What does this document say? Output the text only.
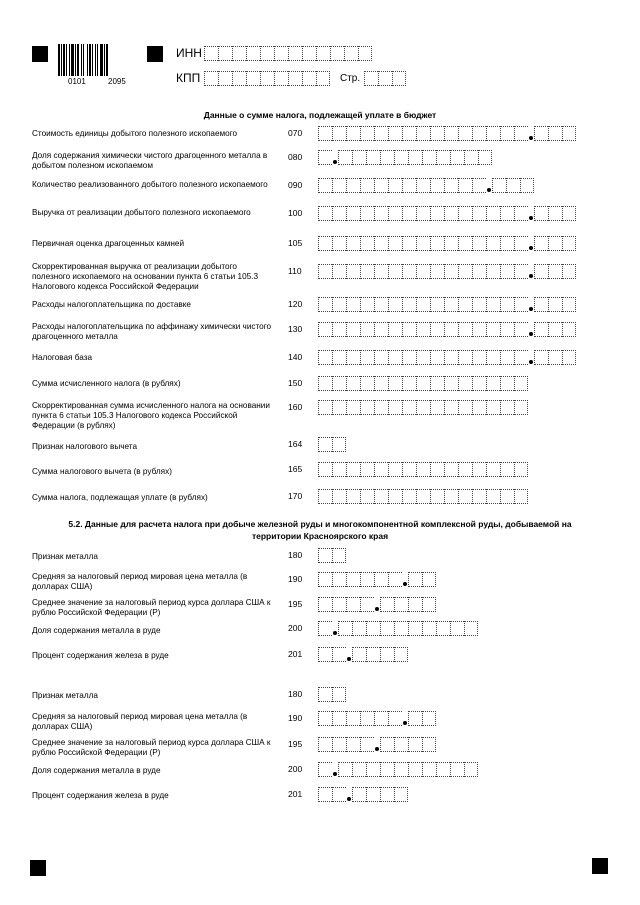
0101	2095
ИНН
КПП	Стр.
Данные о сумме налога, подлежащей уплате в бюджет
Стоимость единицы добытого полезного ископаемого	070
Доля содержания химически чистого драгоценного металла в добытом полезном ископаемом
080
Количество реализованного добытого полезного ископаемого	090
Выручка от реализации добытого полезного ископаемого	100
Первичная оценка драгоценных камней	105
Скорректированная выручка от реализации добытого полезного ископаемого на основании пункта 6 статьи 105.3 Налогового кодекса Российской Федерации
110
Расходы налогоплательщика по доставке	120
Расходы налогоплательщика по аффинажу химически чистого драгоценного металла
130
Налоговая база	140
Сумма исчисленного налога (в рублях)	150
Скорректированная сумма исчисленного налога на основании пункта 6 статьи 105.3 Налогового кодекса Российской Федерации (в рублях)
160
Признак налогового вычета	164
Сумма налогового вычета (в рублях)	165
Сумма налога, подлежащая уплате (в рублях)	170
5.2. Данные для расчета налога при добыче железной руды и многокомпонентной комплексной руды, добываемой на
территории Красноярского края
Признак металла	180
Средняя за налоговый период мировая цена металла (в долларах США)
190
Среднее значение за налоговый период курса доллара США к рублю Российской Федерации (Р)
195
Доля содержания металла в руде	200
Процент содержания железа в руде	201
Признак металла	180
Средняя за налоговый период мировая цена металла (в долларах США)
190
Среднее значение за налоговый период курса доллара США к рублю Российской Федерации (Р)
195
Доля содержания металла в руде	200
Процент содержания железа в руде	201
